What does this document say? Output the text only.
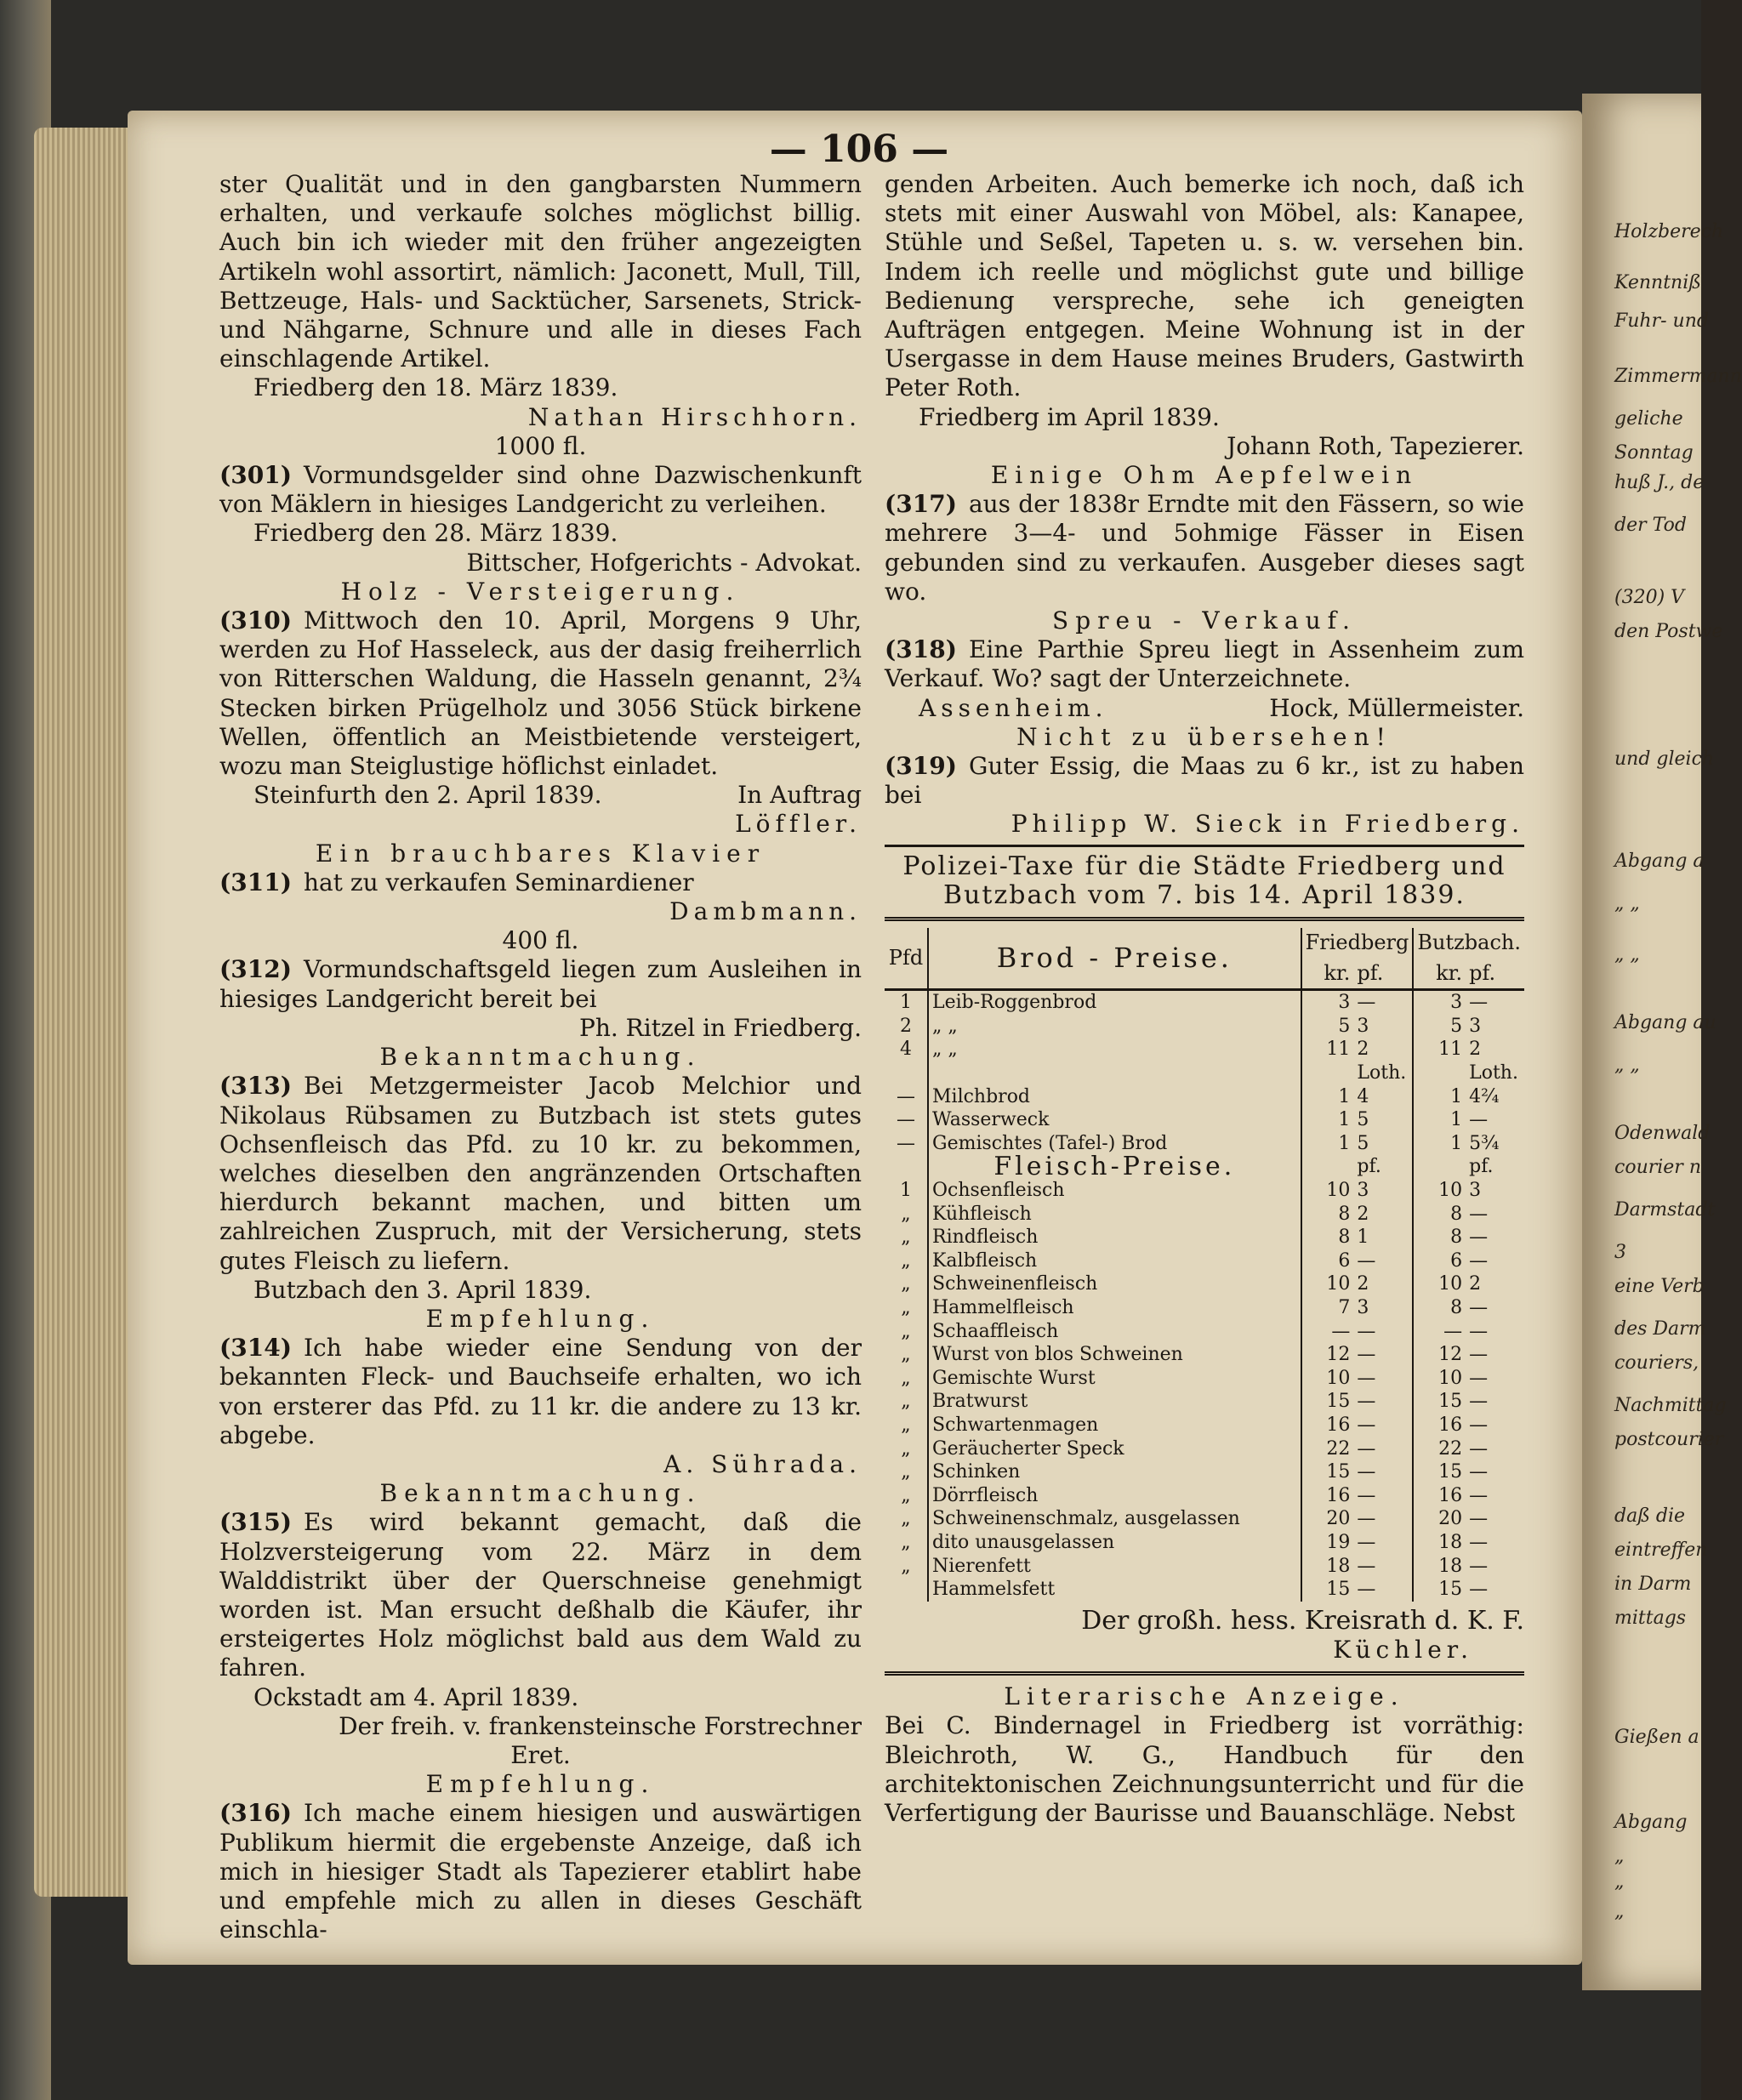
Holzberech
Kenntniß
Fuhr- und
Zimmermann
geliche
Sonntag
huß J., de
der Tod
(320) V
den Postwe
und gleich
Abgang a
„ „
„ „
Abgang au
„ „
Odenwald
courier n
Darmstadt
3
eine Verb
des Darm
couriers,
Nachmittag
postcourier
daß die
eintreffen
in Darm
mittags
Gießen a
Abgang
„
„
„
— 106 —

ster Qualität und in den gangbarsten Nummern erhalten, und verkaufe solches möglichst billig. Auch bin ich wieder mit den früher angezeigten Artikeln wohl assortirt, nämlich: Jaconett, Mull, Till, Bettzeuge, Hals- und Sacktücher, Sarsenets, Strick- und Nähgarne, Schnure und alle in dieses Fach einschlagende Artikel.

Friedberg den 18. März 1839.

Nathan Hirschhorn.

1000 fl.

(301) Vormundsgelder sind ohne Dazwischenkunft von Mäklern in hiesiges Landgericht zu verleihen.

Friedberg den 28. März 1839.

Bittscher, Hofgerichts - Advokat.

Holz - Versteigerung.

(310) Mittwoch den 10. April, Morgens 9 Uhr, werden zu Hof Hasseleck, aus der dasig freiherrlich von Ritterschen Waldung, die Hasseln genannt, 2¾ Stecken birken Prügelholz und 3056 Stück birkene Wellen, öffentlich an Meistbietende versteigert, wozu man Steiglustige höflichst einladet.

Steinfurth den 2. April 1839.	In Auftrag

Löffler.

Ein brauchbares Klavier

(311) hat zu verkaufen Seminardiener

Dambmann.

400 fl.

(312) Vormundschaftsgeld liegen zum Ausleihen in hiesiges Landgericht bereit bei

Ph. Ritzel in Friedberg.

Bekanntmachung.

(313) Bei Metzgermeister Jacob Melchior und Nikolaus Rübsamen zu Butzbach ist stets gutes Ochsenfleisch das Pfd. zu 10 kr. zu bekommen, welches dieselben den angränzenden Ortschaften hierdurch bekannt machen, und bitten um zahlreichen Zuspruch, mit der Versicherung, stets gutes Fleisch zu liefern.

Butzbach den 3. April 1839.

Empfehlung.

(314) Ich habe wieder eine Sendung von der bekannten Fleck- und Bauchseife erhalten, wo ich von ersterer das Pfd. zu 11 kr. die andere zu 13 kr. abgebe.

A. Sühradа.

Bekanntmachung.

(315) Es wird bekannt gemacht, daß die Holzversteigerung vom 22. März in dem Walddistrikt über der Querschneise genehmigt worden ist. Man ersucht deßhalb die Käufer, ihr ersteigertes Holz möglichst bald aus dem Wald zu fahren.

Ockstadt am 4. April 1839.

Der freih. v. frankensteinsche Forstrechner

Eret.

Empfehlung.

(316) Ich mache einem hiesigen und auswärtigen Publikum hiermit die ergebenste Anzeige, daß ich mich in hiesiger Stadt als Tapezierer etablirt habe und empfehle mich zu allen in dieses Geschäft einschla-

genden Arbeiten. Auch bemerke ich noch, daß ich stets mit einer Auswahl von Möbel, als: Kanapee, Stühle und Seßel, Tapeten u. s. w. versehen bin. Indem ich reelle und möglichst gute und billige Bedienung verspreche, sehe ich geneigten Aufträgen entgegen. Meine Wohnung ist in der Usergasse in dem Hause meines Bruders, Gastwirth Peter Roth.

Friedberg im April 1839.

Johann Roth, Tapezierer.

Einige Ohm Aepfelwein

(317) aus der 1838r Erndte mit den Fässern, so wie mehrere 3—4- und 5ohmige Fässer in Eisen gebunden sind zu verkaufen. Ausgeber dieses sagt wo.

Spreu - Verkauf.

(318) Eine Parthie Spreu liegt in Assenheim zum Verkauf. Wo? sagt der Unterzeichnete.

Assenheim.	Hock, Müllermeister.

Nicht zu übersehen!

(319) Guter Essig, die Maas zu 6 kr., ist zu haben bei

Philipp W. Sieck in Friedberg.

Polizei-Taxe für die Städte Friedberg und Butzbach vom 7. bis 14. April 1839.

Pfd	Brod - Preise.	Friedberg		Butzbach.	
		kr.	pf.	kr.	pf.
1	Leib-Roggenbrod	3	—	3	—
2	„ „	5	3	5	3
4	„ „	11	2	11	2
			Loth.		Loth.
—	Milchbrod	1	4	1	4²⁄₄
—	Wasserweck	1	5	1	—
—	Gemischtes (Tafel-) Brod	1	5	1	5¾
	Fleisch-Preise.		pf.		pf.
1	Ochsenfleisch	10	3	10	3
„	Kühfleisch	8	2	8	—
„	Rindfleisch	8	1	8	—
„	Kalbfleisch	6	—	6	—
„	Schweinenfleisch	10	2	10	2
„	Hammelfleisch	7	3	8	—
„	Schaaffleisch	—	—	—	—
„	Wurst von blos Schweinen	12	—	12	—
„	Gemischte Wurst	10	—	10	—
„	Bratwurst	15	—	15	—
„	Schwartenmagen	16	—	16	—
„	Geräucherter Speck	22	—	22	—
„	Schinken	15	—	15	—
„	Dörrfleisch	16	—	16	—
„	Schweinenschmalz, ausgelassen	20	—	20	—
„	dito unausgelassen	19	—	18	—
„	Nierenfett	18	—	18	—
	Hammelsfett	15	—	15	—

Der großh. hess. Kreisrath d. K. F.

Küchler.

Literarische Anzeige.

Bei C. Bindernagel in Friedberg ist vorräthig: Bleichroth, W. G., Handbuch für den architektonischen Zeichnungsunterricht und für die Verfertigung der Baurisse und Bauanschläge. Nebst
